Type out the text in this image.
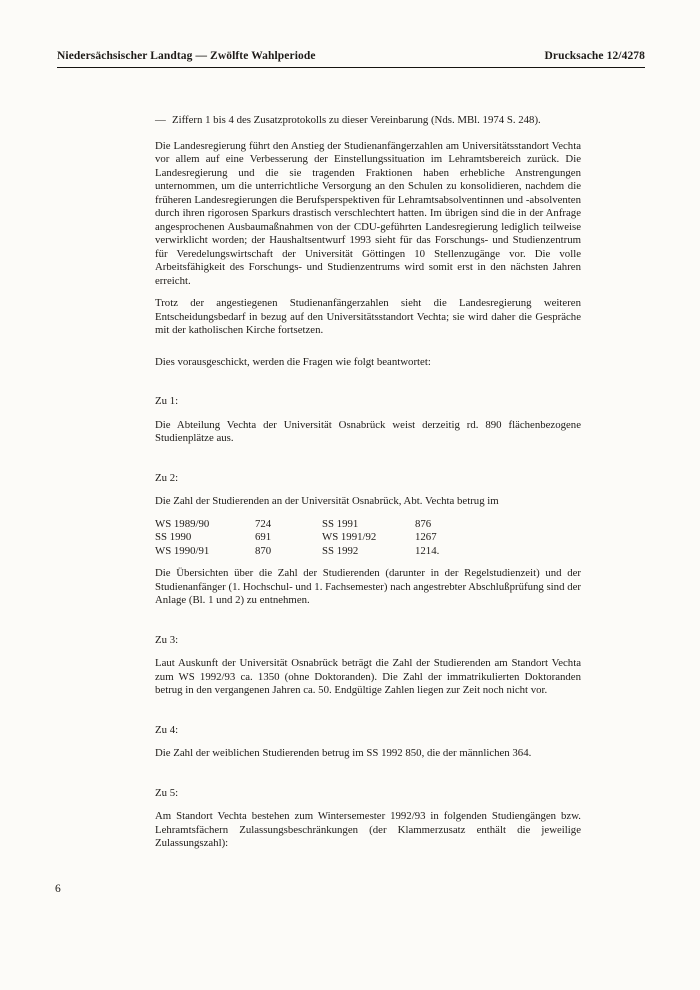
Niedersächsischer Landtag — Zwölfte Wahlperiode	Drucksache 12/4278
— Ziffern 1 bis 4 des Zusatzprotokolls zu dieser Vereinbarung (Nds. MBl. 1974 S. 248).

Die Landesregierung führt den Anstieg der Studienanfängerzahlen am Universitätsstandort Vechta vor allem auf eine Verbesserung der Einstellungssituation im Lehramtsbereich zurück. Die Landesregierung und die sie tragenden Fraktionen haben erhebliche Anstrengungen unternommen, um die unterrichtliche Versorgung an den Schulen zu konsolidieren, nachdem die früheren Landesregierungen die Berufsperspektiven für Lehramtsabsolventinnen und -absolventen durch ihren rigorosen Sparkurs drastisch verschlechtert hatten. Im übrigen sind die in der Anfrage angesprochenen Ausbaumaßnahmen von der CDU-geführten Landesregierung lediglich teilweise verwirklicht worden; der Haushaltsentwurf 1993 sieht für das Forschungs- und Studienzentrum für Veredelungswirtschaft der Universität Göttingen 10 Stellenzugänge vor. Die volle Arbeitsfähigkeit des Forschungs- und Studienzentrums wird somit erst in den nächsten Jahren erreicht.

Trotz der angestiegenen Studienanfängerzahlen sieht die Landesregierung weiteren Entscheidungsbedarf in bezug auf den Universitätsstandort Vechta; sie wird daher die Gespräche mit der katholischen Kirche fortsetzen.

Dies vorausgeschickt, werden die Fragen wie folgt beantwortet:

Zu 1:

Die Abteilung Vechta der Universität Osnabrück weist derzeitig rd. 890 flächenbezogene Studienplätze aus.

Zu 2:

Die Zahl der Studierenden an der Universität Osnabrück, Abt. Vechta betrug im

WS 1989/90	724	SS 1991	876
SS 1990	691	WS 1991/92	1267
WS 1990/91	870	SS 1992	1214.

Die Übersichten über die Zahl der Studierenden (darunter in der Regelstudienzeit) und der Studienanfänger (1. Hochschul- und 1. Fachsemester) nach angestrebter Abschlußprüfung sind der Anlage (Bl. 1 und 2) zu entnehmen.

Zu 3:

Laut Auskunft der Universität Osnabrück beträgt die Zahl der Studierenden am Standort Vechta zum WS 1992/93 ca. 1350 (ohne Doktoranden). Die Zahl der immatrikulierten Doktoranden betrug in den vergangenen Jahren ca. 50. Endgültige Zahlen liegen zur Zeit noch nicht vor.

Zu 4:

Die Zahl der weiblichen Studierenden betrug im SS 1992 850, die der männlichen 364.

Zu 5:

Am Standort Vechta bestehen zum Wintersemester 1992/93 in folgenden Studiengängen bzw. Lehramtsfächern Zulassungsbeschränkungen (der Klammerzusatz enthält die jeweilige Zulassungszahl):

6
